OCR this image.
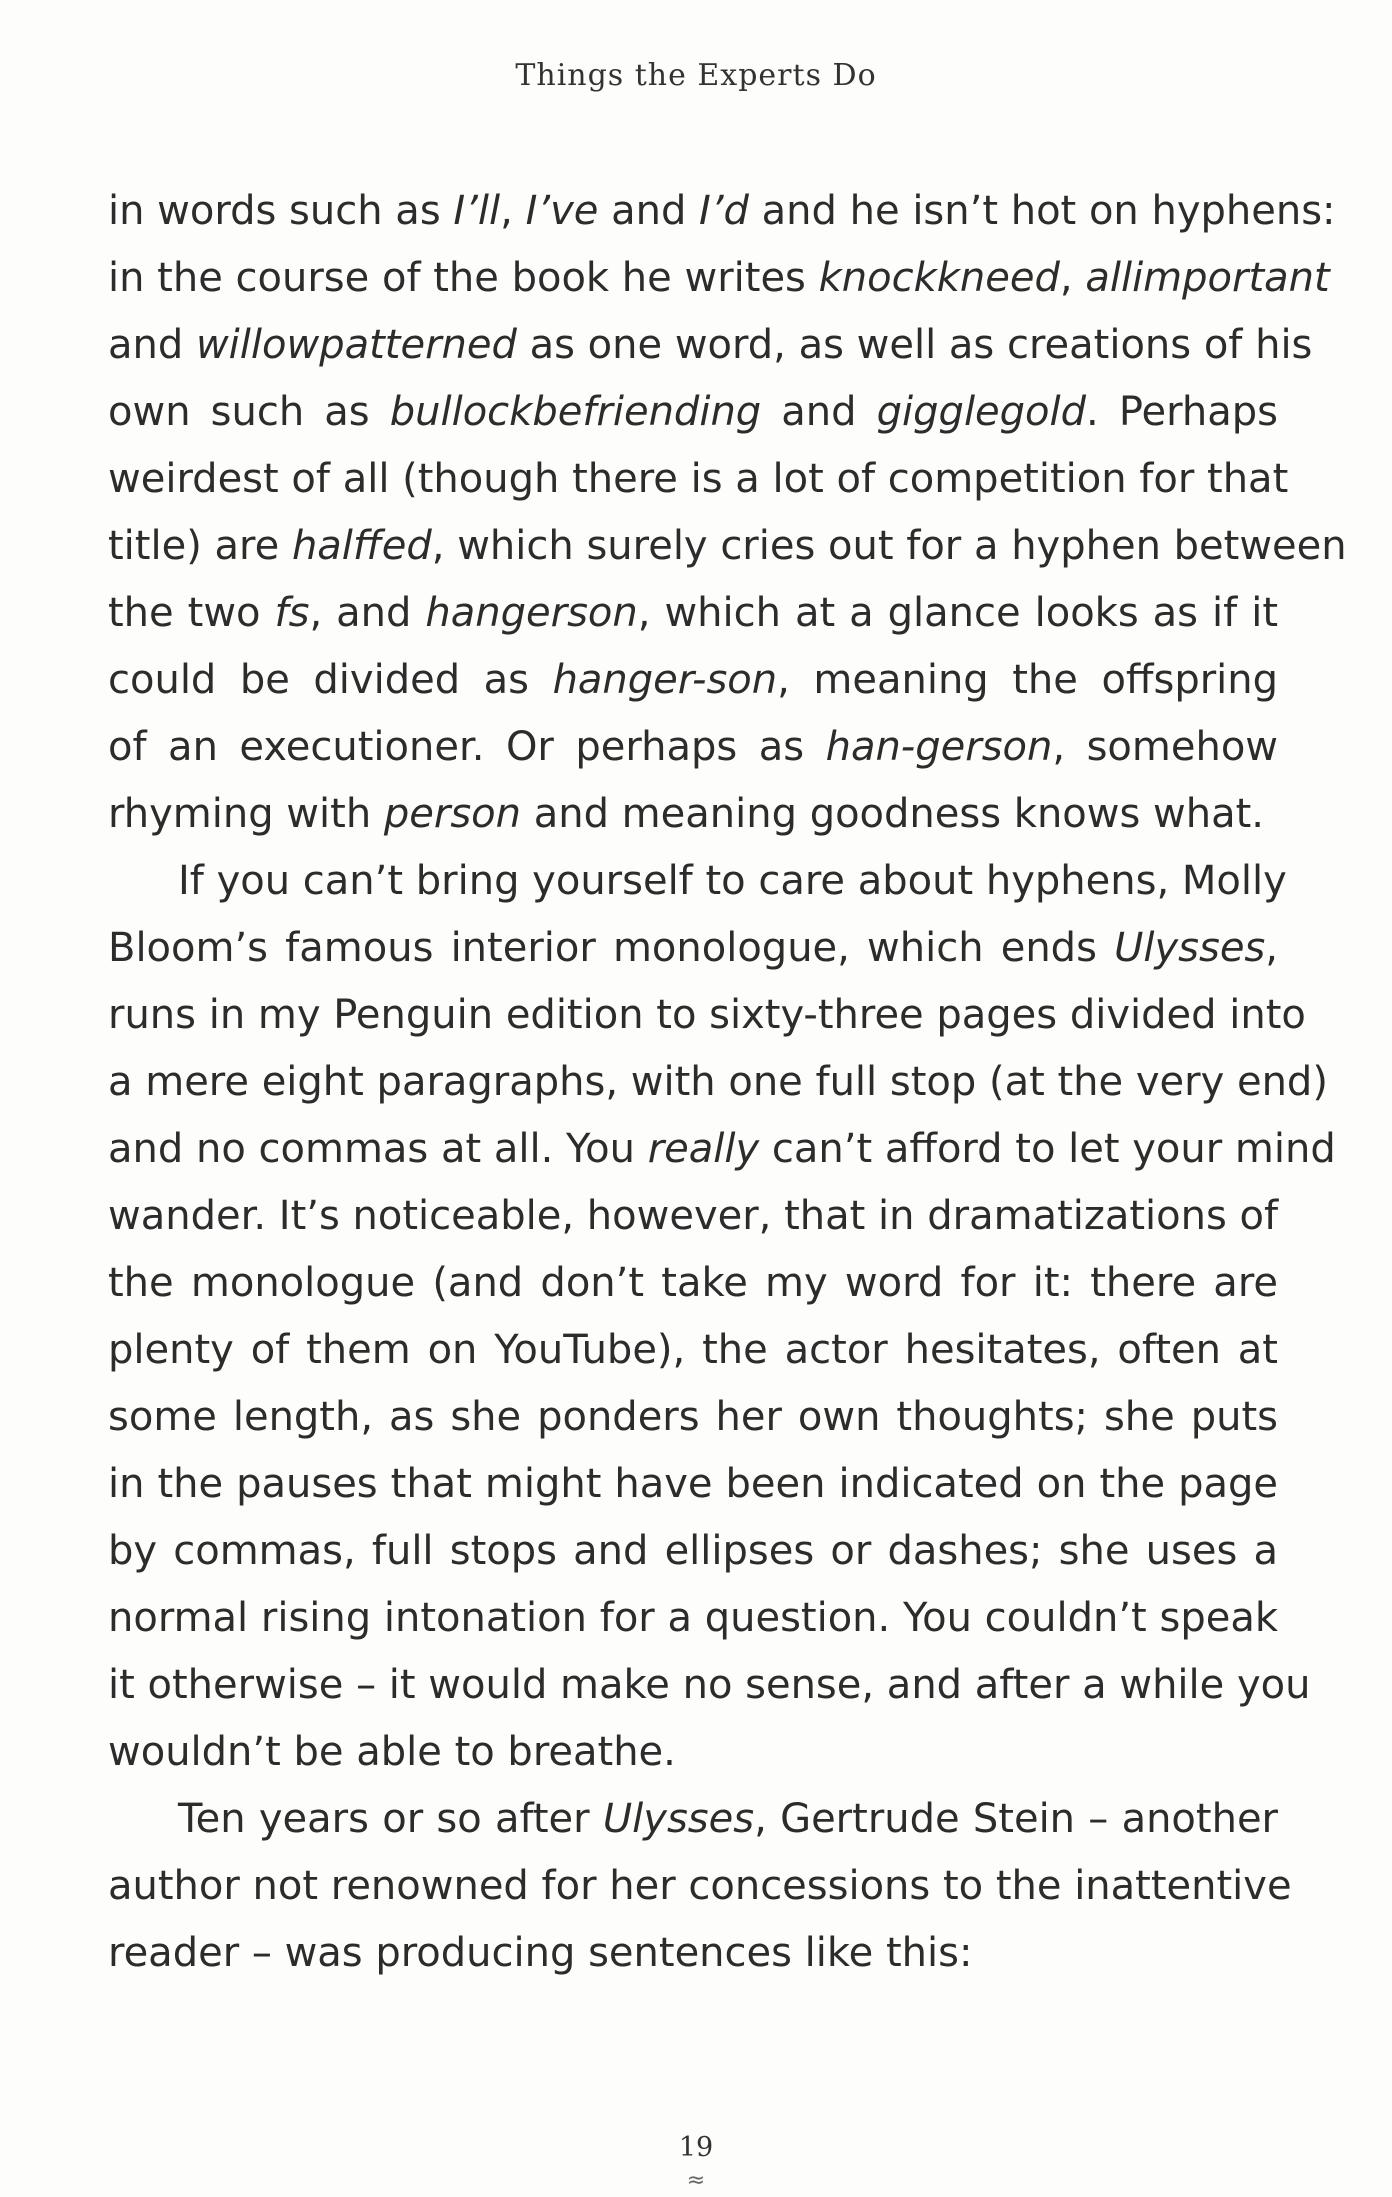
Things the Experts Do
in words such as I’ll, I’ve and I’d and he isn’t hot on hyphens:
in the course of the book he writes knockkneed, allimportant
and willowpatterned as one word, as well as creations of his
own such as bullockbefriending and gigglegold. Perhaps
weirdest of all (though there is a lot of competition for that
title) are halffed, which surely cries out for a hyphen between
the two fs, and hangerson, which at a glance looks as if it
could be divided as hanger-son, meaning the offspring
of an executioner. Or perhaps as han-gerson, somehow
rhyming with person and meaning goodness knows what.
If you can’t bring yourself to care about hyphens, Molly
Bloom’s famous interior monologue, which ends Ulysses,
runs in my Penguin edition to sixty-three pages divided into
a mere eight paragraphs, with one full stop (at the very end)
and no commas at all. You really can’t afford to let your mind
wander. It’s noticeable, however, that in dramatizations of
the monologue (and don’t take my word for it: there are
plenty of them on YouTube), the actor hesitates, often at
some length, as she ponders her own thoughts; she puts
in the pauses that might have been indicated on the page
by commas, full stops and ellipses or dashes; she uses a
normal rising intonation for a question. You couldn’t speak
it otherwise – it would make no sense, and after a while you
wouldn’t be able to breathe.
Ten years or so after Ulysses, Gertrude Stein – another
author not renowned for her concessions to the inattentive
reader – was producing sentences like this:
19
≈
